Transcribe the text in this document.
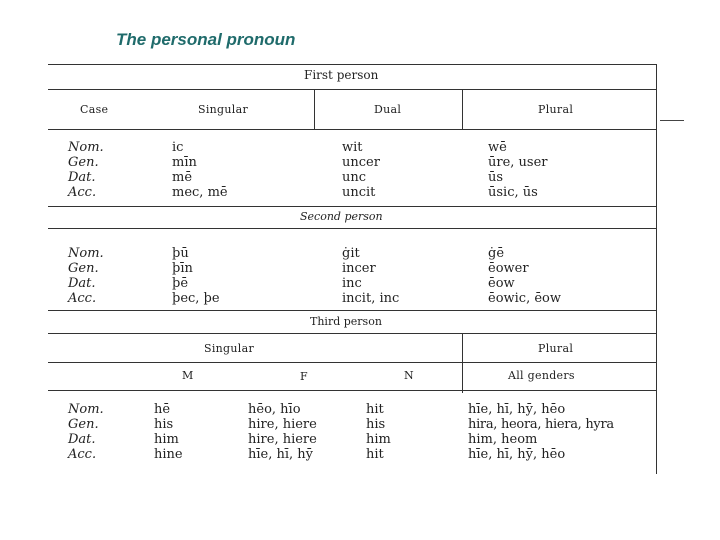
The personal pronoun
First person
Case	Singular	Dual	Plural
Nom.	ic	wit	wē
Gen.	mīn	uncer	ūre, user
Dat.	mē	unc	ūs
Acc.	mec, mē	uncit	ūsic, ūs
Second person
Nom.	þū	ġit	ġē
Gen.	þīn	incer	ēower
Dat.	þē	inc	ēow
Acc.	þec, þe	incit, inc	ēowic, ēow
Third person
Singular	Plural
M	F	N	All genders
Nom.	hē	hēo, hīo	hit	hīe, hī, hȳ, hēo
Gen.	his	hire, hiere	his	hira, heora, hiera, hyra
Dat.	him	hire, hiere	him	him, heom
Acc.	hine	hīe, hī, hȳ	hit	hīe, hī, hȳ, hēo
